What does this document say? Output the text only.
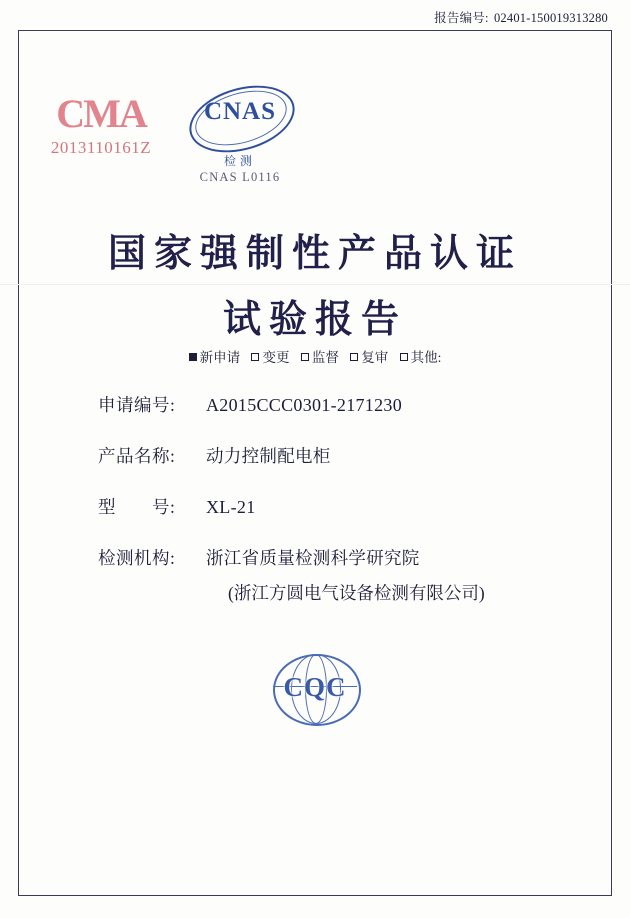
报告编号: 02401-150019313280
CMA
2013110161Z
CNAS
检测
CNAS L0116
国家强制性产品认证
试验报告
新申请 变更 监督 复审 其他:
申请编号:	A2015CCC0301-2171230
产品名称:	动力控制配电柜
型　　号:	XL-21
检测机构:	浙江省质量检测科学研究院
(浙江方圆电气设备检测有限公司)
CQC
